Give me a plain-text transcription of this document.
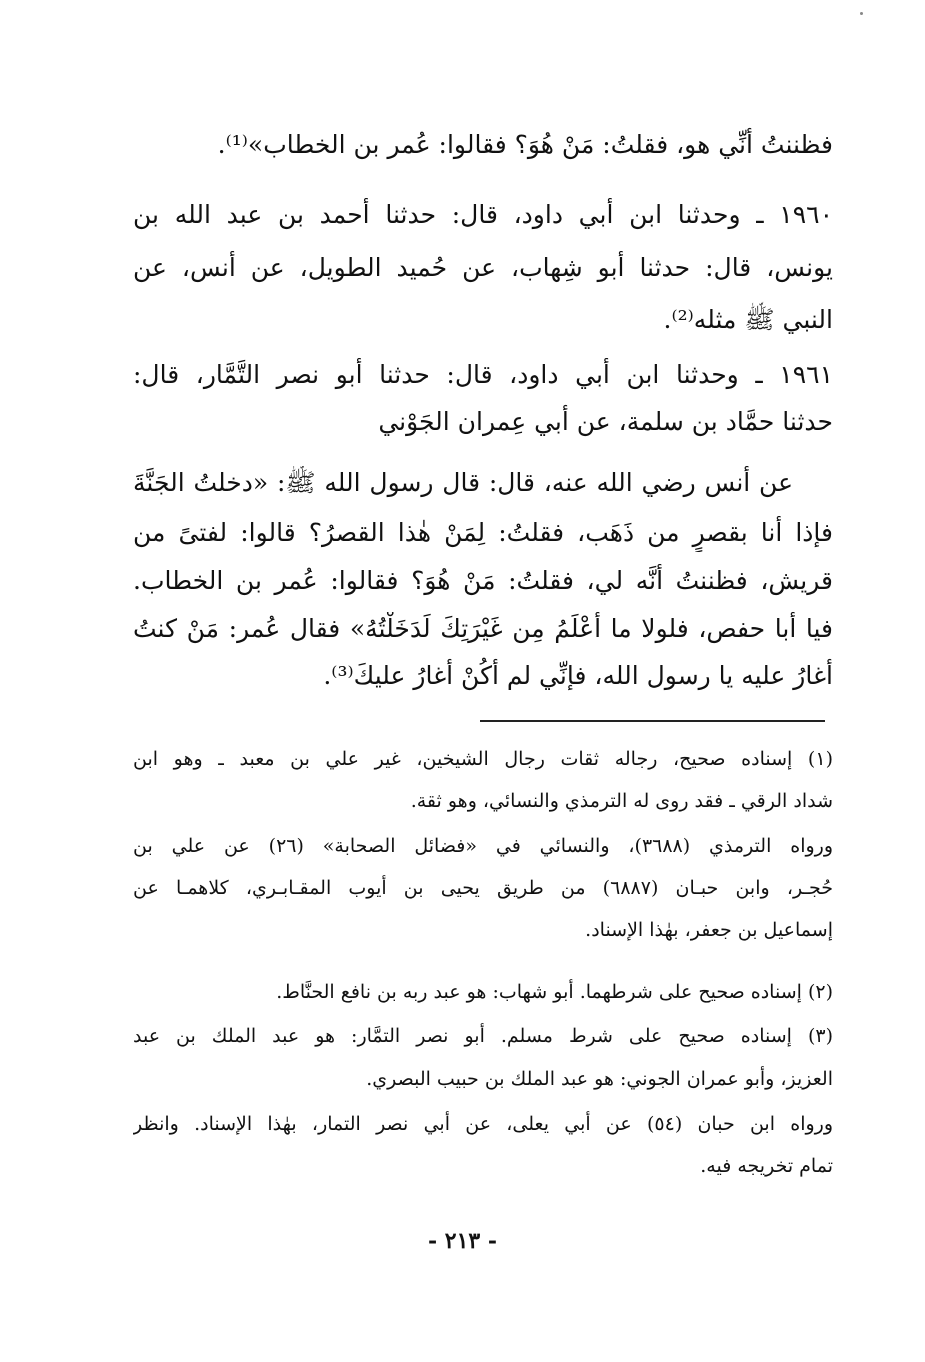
فظننتُ أنِّي هو، فقلتُ: مَنْ هُوَ؟ فقالوا: عُمر بن الخطاب»⁽¹⁾.
١٩٦٠ ـ وحدثنا ابن أبي داود، قال: حدثنا أحمد بن عبد الله بن
يونس، قال: حدثنا أبو شِهاب، عن حُميد الطويل، عن أنس، عن
النبي ﷺ مثله⁽²⁾.
١٩٦١ ـ وحدثنا ابن أبي داود، قال: حدثنا أبو نصر التَّمَّار، قال:
حدثنا حمَّاد بن سلمة، عن أبي عِمران الجَوْني
عن أنس رضي الله عنه، قال: قال رسول الله ﷺ: «دخلتُ الجَنَّةَ
فإذا أنا بقصرٍ من ذَهَب، فقلتُ: لِمَنْ هٰذا القصرُ؟ قالوا: لفتىً من
قريش، فظننتُ أنَّه لي، فقلتُ: مَنْ هُوَ؟ فقالوا: عُمر بن الخطاب.
فيا أبا حفص، فلولا ما أعْلَمُ مِن غَيْرَتِكَ لَدَخَلْتُهُ» فقال عُمر: مَنْ كنتُ
أغارُ عليه يا رسول الله، فإنِّي لم أكُنْ أغارُ عليكَ⁽³⁾.
(١) إسناده صحيح، رجاله ثقات رجال الشيخين، غير علي بن معبد ـ وهو ابن
شداد الرقي ـ فقد روى له الترمذي والنسائي، وهو ثقة.
ورواه الترمذي (٣٦٨٨)، والنسائي في «فضائل الصحابة» (٢٦) عن علي بن
حُجـر، وابن حبـان (٦٨٨٧) من طريق يحيى بن أيوب المقـابـري، كلاهمـا عن
إسماعيل بن جعفر، بهٰذا الإسناد.
(٢) إسناده صحيح على شرطهما. أبو شهاب: هو عبد ربه بن نافع الحنَّاط.
(٣) إسناده صحيح على شرط مسلم. أبو نصر التمَّار: هو عبد الملك بن عبد
العزيز، وأبو عمران الجوني: هو عبد الملك بن حبيب البصري.
ورواه ابن حبان (٥٤) عن أبي يعلى، عن أبي نصر التمار، بهٰذا الإسناد. وانظر
تمام تخريجه فيه.
- ٢١٣ -
